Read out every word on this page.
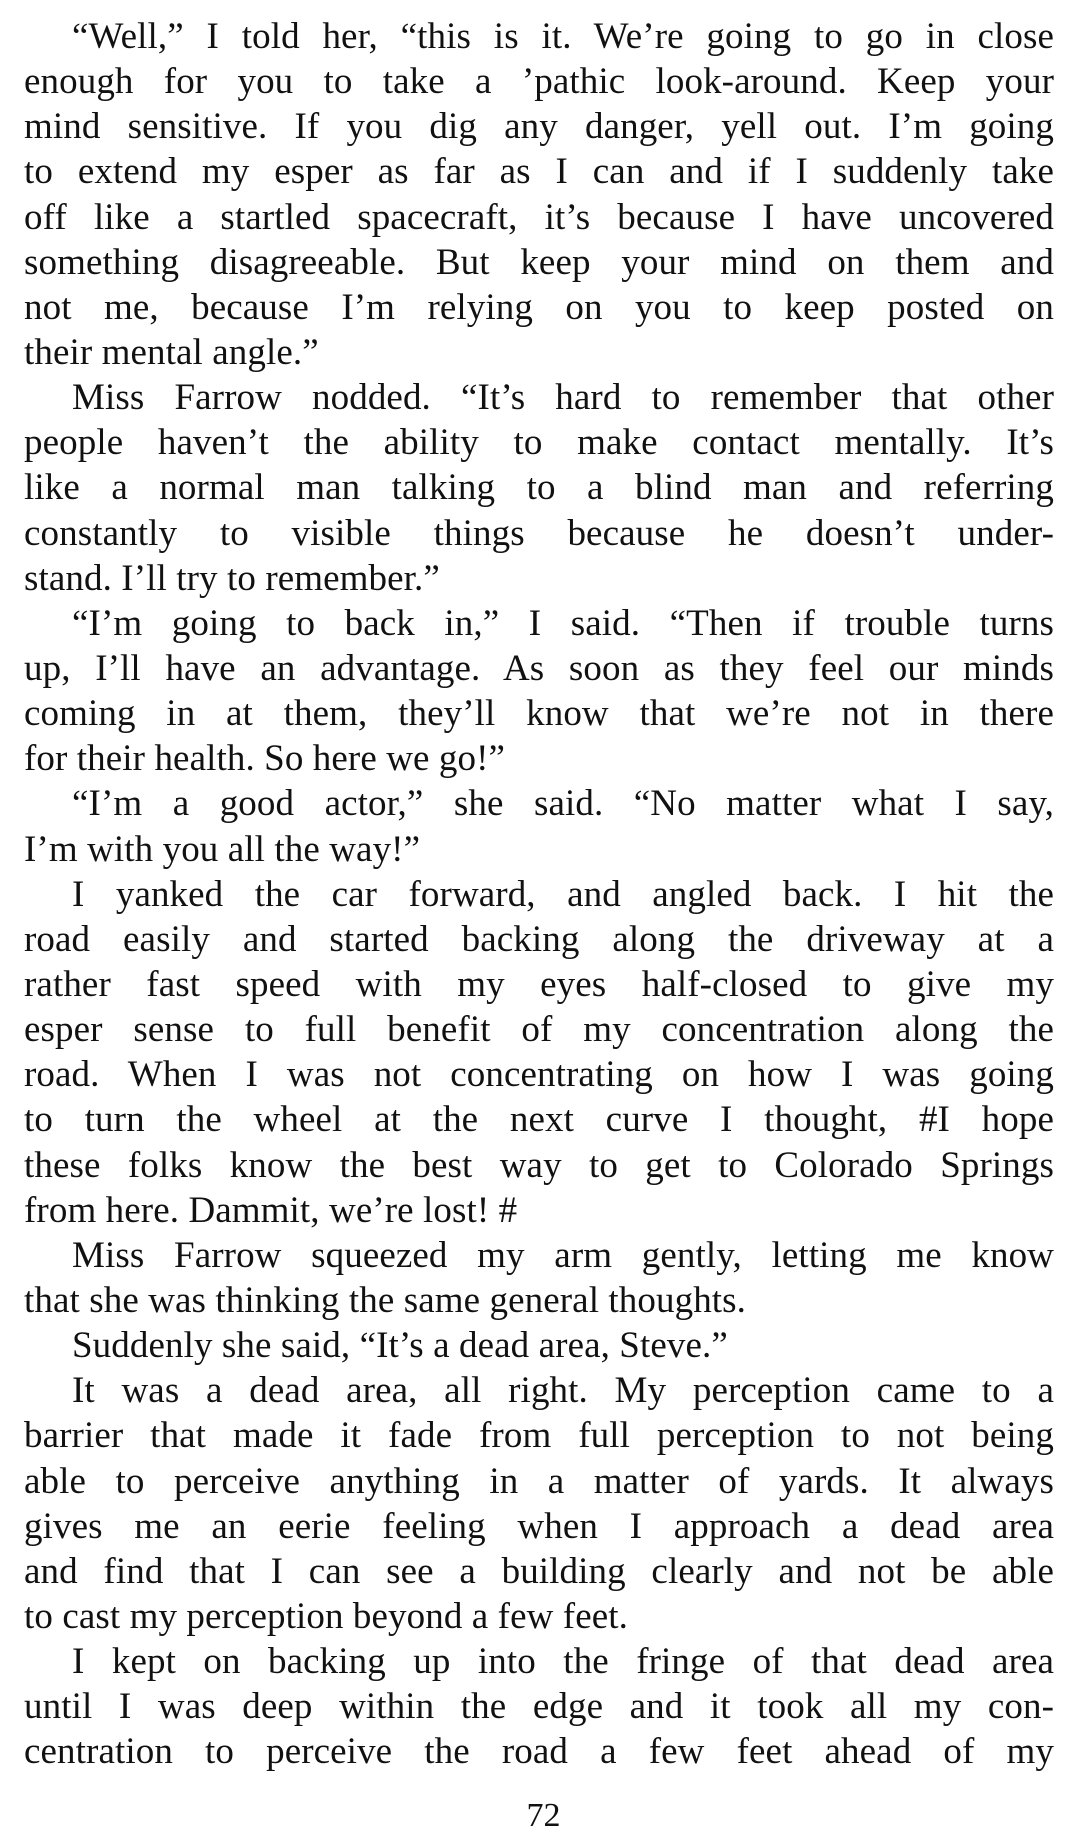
“Well,” I told her, “this is it. We’re going to go in close
enough for you to take a ’pathic look-around. Keep your
mind sensitive. If you dig any danger, yell out. I’m going
to extend my esper as far as I can and if I suddenly take
off like a startled spacecraft, it’s because I have uncovered
something disagreeable. But keep your mind on them and
not me, because I’m relying on you to keep posted on
their mental angle.”
Miss Farrow nodded. “It’s hard to remember that other
people haven’t the ability to make contact mentally. It’s
like a normal man talking to a blind man and referring
constantly to visible things because he doesn’t under-
stand. I’ll try to remember.”
“I’m going to back in,” I said. “Then if trouble turns
up, I’ll have an advantage. As soon as they feel our minds
coming in at them, they’ll know that we’re not in there
for their health. So here we go!”
“I’m a good actor,” she said. “No matter what I say,
I’m with you all the way!”
I yanked the car forward, and angled back. I hit the
road easily and started backing along the driveway at a
rather fast speed with my eyes half-closed to give my
esper sense to full benefit of my concentration along the
road. When I was not concentrating on how I was going
to turn the wheel at the next curve I thought, #I hope
these folks know the best way to get to Colorado Springs
from here. Dammit, we’re lost! #
Miss Farrow squeezed my arm gently, letting me know
that she was thinking the same general thoughts.
Suddenly she said, “It’s a dead area, Steve.”
It was a dead area, all right. My perception came to a
barrier that made it fade from full perception to not being
able to perceive anything in a matter of yards. It always
gives me an eerie feeling when I approach a dead area
and find that I can see a building clearly and not be able
to cast my perception beyond a few feet.
I kept on backing up into the fringe of that dead area
until I was deep within the edge and it took all my con-
centration to perceive the road a few feet ahead of my
72
